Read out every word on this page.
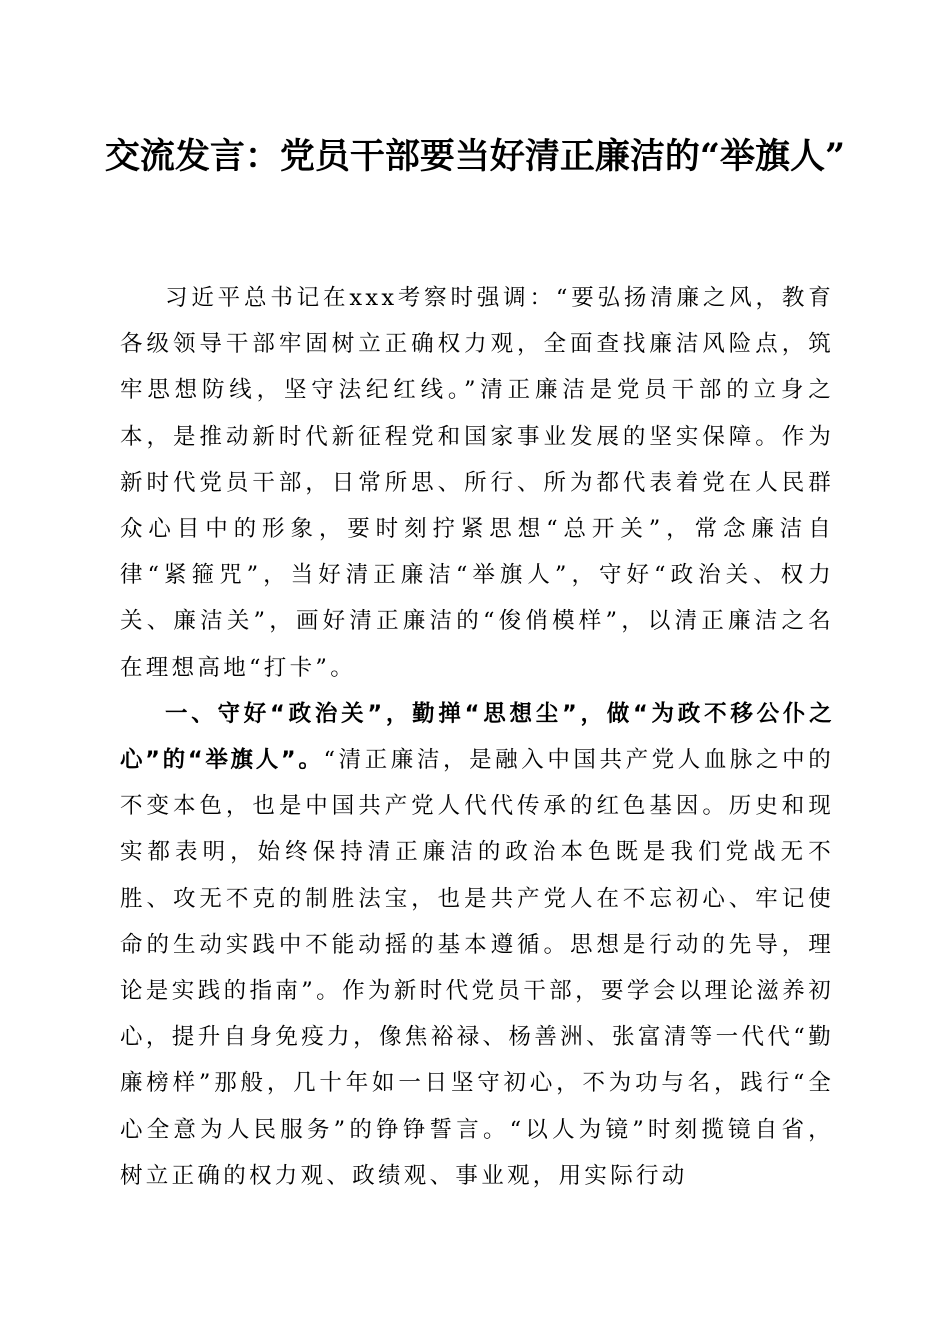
交流发言：党员干部要当好清正廉洁的“举旗人”

习近平总书记在xxx考察时强调：“要弘扬清廉之风，教育各级领导干部牢固树立正确权力观，全面查找廉洁风险点，筑牢思想防线，坚守法纪红线。”清正廉洁是党员干部的立身之本，是推动新时代新征程党和国家事业发展的坚实保障。作为新时代党员干部，日常所思、所行、所为都代表着党在人民群众心目中的形象，要时刻拧紧思想“总开关”，常念廉洁自律“紧箍咒”，当好清正廉洁“举旗人”，守好“政治关、权力关、廉洁关”，画好清正廉洁的“俊俏模样”，以清正廉洁之名在理想高地“打卡”。

一、守好“政治关”，勤掸“思想尘”，做“为政不移公仆之心”的“举旗人”。“清正廉洁，是融入中国共产党人血脉之中的不变本色，也是中国共产党人代代传承的红色基因。历史和现实都表明，始终保持清正廉洁的政治本色既是我们党战无不胜、攻无不克的制胜法宝，也是共产党人在不忘初心、牢记使命的生动实践中不能动摇的基本遵循。思想是行动的先导，理论是实践的指南”。作为新时代党员干部，要学会以理论滋养初心，提升自身免疫力，像焦裕禄、杨善洲、张富清等一代代“勤廉榜样”那般，几十年如一日坚守初心，不为功与名，践行“全心全意为人民服务”的铮铮誓言。“以人为镜”时刻揽镜自省，树立正确的权力观、政绩观、事业观，用实际行动
